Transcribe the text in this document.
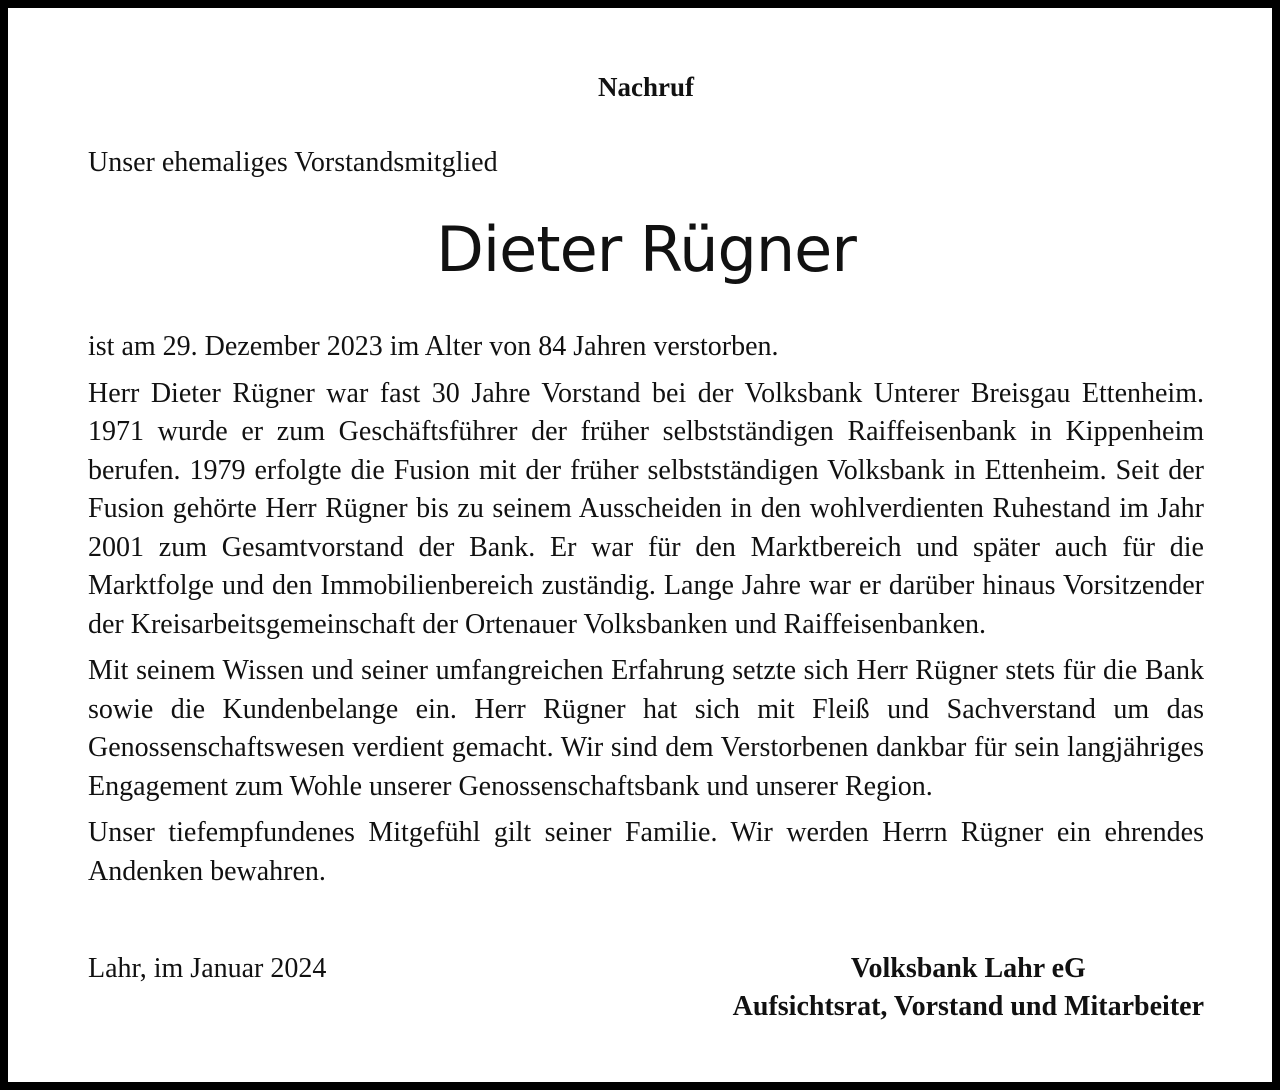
Nachruf
Unser ehemaliges Vorstandsmitglied
Dieter Rügner

ist am 29. Dezember 2023 im Alter von 84 Jahren verstorben.

Herr Dieter Rügner war fast 30 Jahre Vorstand bei der Volksbank Unterer Breisgau Ettenheim. 1971 wurde er zum Geschäftsführer der früher selbstständigen Raiffeisenbank in Kippenheim berufen. 1979 erfolgte die Fusion mit der früher selbstständigen Volksbank in Ettenheim. Seit der Fusion gehörte Herr Rügner bis zu seinem Ausscheiden in den wohlverdienten Ruhestand im Jahr 2001 zum Gesamtvorstand der Bank. Er war für den Marktbereich und später auch für die Marktfolge und den Immobilienbereich zuständig. Lange Jahre war er darüber hinaus Vorsitzender der Kreisarbeitsgemeinschaft der Ortenauer Volksbanken und Raiffeisenbanken.

Mit seinem Wissen und seiner umfangreichen Erfahrung setzte sich Herr Rügner stets für die Bank sowie die Kundenbelange ein. Herr Rügner hat sich mit Fleiß und Sachverstand um das Genossenschaftswesen verdient gemacht. Wir sind dem Verstorbenen dankbar für sein langjähriges Engagement zum Wohle unserer Genossenschaftsbank und unserer Region.

Unser tiefempfundenes Mitgefühl gilt seiner Familie. Wir werden Herrn Rügner ein ehrendes Andenken bewahren.

Lahr, im Januar 2024	Volksbank Lahr eG
Aufsichtsrat, Vorstand und Mitarbeiter
